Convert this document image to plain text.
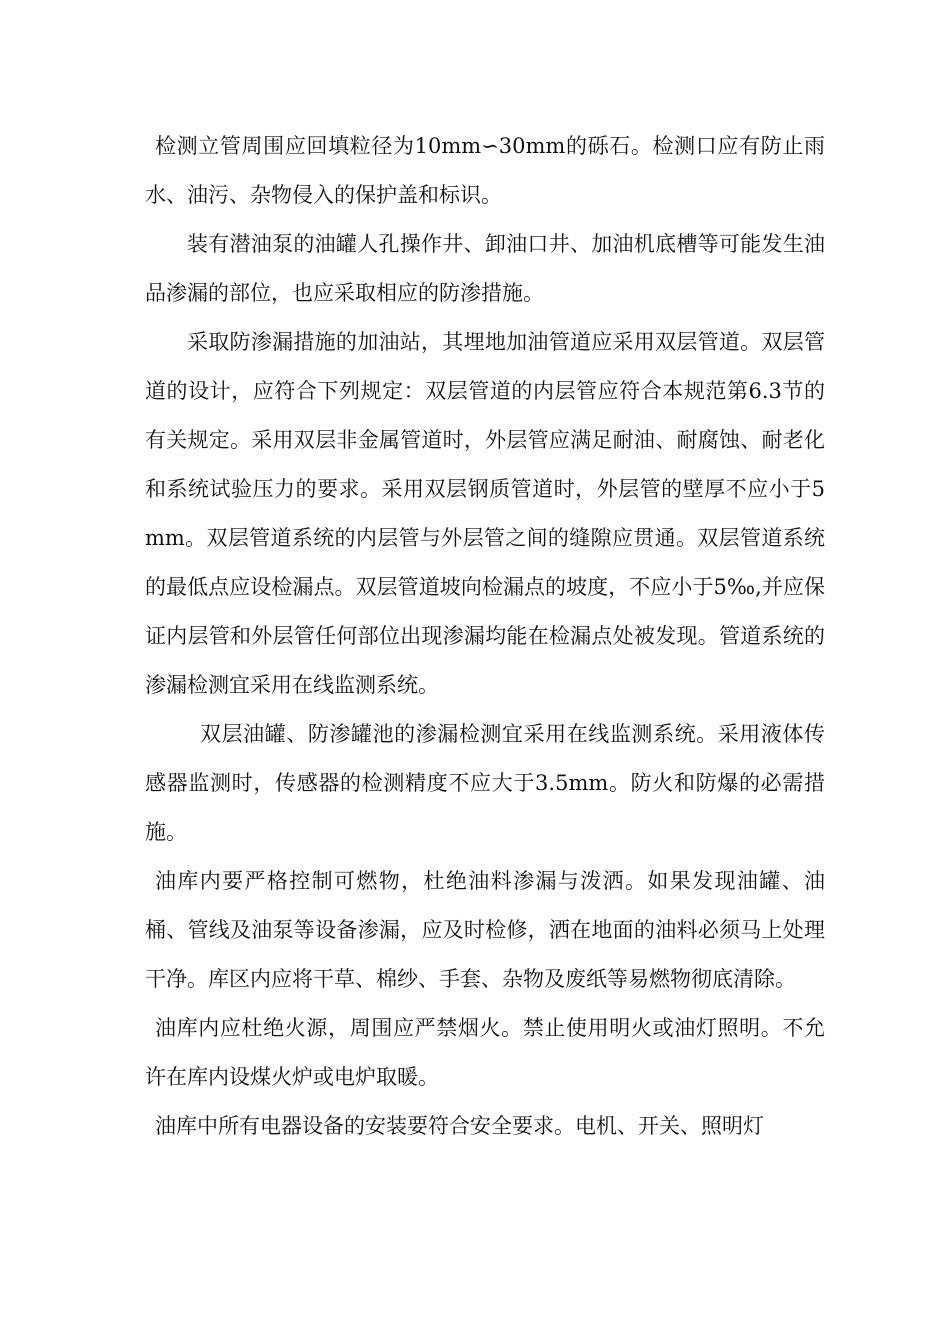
检测立管周围应回填粒径为10mm∽30mm的砾石。检测口应有防止雨水、油污、杂物侵入的保护盖和标识。

装有潜油泵的油罐人孔操作井、卸油口井、加油机底槽等可能发生油品渗漏的部位，也应采取相应的防渗措施。

采取防渗漏措施的加油站，其埋地加油管道应采用双层管道。双层管道的设计，应符合下列规定：双层管道的内层管应符合本规范第6.3节的有关规定。采用双层非金属管道时，外层管应满足耐油、耐腐蚀、耐老化和系统试验压力的要求。采用双层钢质管道时，外层管的壁厚不应小于5mm。双层管道系统的内层管与外层管之间的缝隙应贯通。双层管道系统的最低点应设检漏点。双层管道坡向检漏点的坡度，不应小于5‰,并应保证内层管和外层管任何部位出现渗漏均能在检漏点处被发现。管道系统的渗漏检测宜采用在线监测系统。

双层油罐、防渗罐池的渗漏检测宜采用在线监测系统。采用液体传感器监测时，传感器的检测精度不应大于3.5mm。防火和防爆的必需措施。

油库内要严格控制可燃物，杜绝油料渗漏与泼洒。如果发现油罐、油桶、管线及油泵等设备渗漏，应及时检修，洒在地面的油料必须马上处理干净。库区内应将干草、棉纱、手套、杂物及废纸等易燃物彻底清除。

油库内应杜绝火源，周围应严禁烟火。禁止使用明火或油灯照明。不允许在库内设煤火炉或电炉取暖。

油库中所有电器设备的安装要符合安全要求。电机、开关、照明灯
